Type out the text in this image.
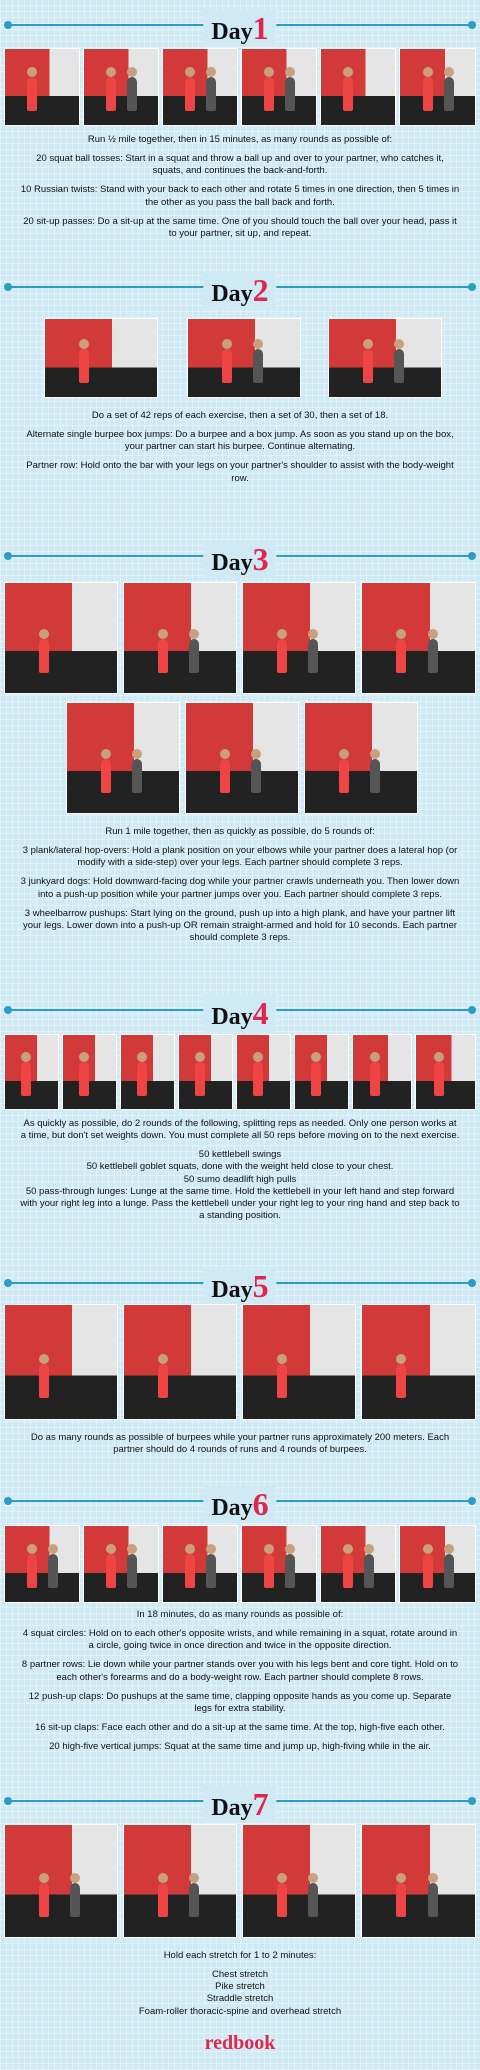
Day1

Run ½ mile together, then in 15 minutes, as many rounds as possible of:

20 squat ball tosses: Start in a squat and throw a ball up and over to your partner, who catches it, squats, and continues the back-and-forth.

10 Russian twists: Stand with your back to each other and rotate 5 times in one direction, then 5 times in the other as you pass the ball back and forth.

20 sit-up passes: Do a sit-up at the same time. One of you should touch the ball over your head, pass it to your partner, sit up, and repeat.

Day2

Do a set of 42 reps of each exercise, then a set of 30, then a set of 18.

Alternate single burpee box jumps: Do a burpee and a box jump. As soon as you stand up on the box, your partner can start his burpee. Continue alternating.

Partner row: Hold onto the bar with your legs on your partner's shoulder to assist with the body-weight row.

Day3

Run 1 mile together, then as quickly as possible, do 5 rounds of:

3 plank/lateral hop-overs: Hold a plank position on your elbows while your partner does a lateral hop (or modify with a side-step) over your legs. Each partner should complete 3 reps.

3 junkyard dogs: Hold downward-facing dog while your partner crawls underneath you. Then lower down into a push-up position while your partner jumps over you. Each partner should complete 3 reps.

3 wheelbarrow pushups: Start lying on the ground, push up into a high plank, and have your partner lift your legs. Lower down into a push-up OR remain straight-armed and hold for 10 seconds. Each partner should complete 3 reps.

Day4

As quickly as possible, do 2 rounds of the following, splitting reps as needed. Only one person works at a time, but don't set weights down. You must complete all 50 reps before moving on to the next exercise.

50 kettlebell swings

50 kettlebell goblet squats, done with the weight held close to your chest.

50 sumo deadlift high pulls

50 pass-through lunges: Lunge at the same time. Hold the kettlebell in your left hand and step forward with your right leg into a lunge. Pass the kettlebell under your right leg to your ring hand and step back to a standing position.

Day5

Do as many rounds as possible of burpees while your partner runs approximately 200 meters. Each partner should do 4 rounds of runs and 4 rounds of burpees.

Day6

In 18 minutes, do as many rounds as possible of:

4 squat circles: Hold on to each other's opposite wrists, and while remaining in a squat, rotate around in a circle, going twice in once direction and twice in the opposite direction.

8 partner rows: Lie down while your partner stands over you with his legs bent and core tight. Hold on to each other's forearms and do a body-weight row. Each partner should complete 8 rows.

12 push-up claps: Do pushups at the same time, clapping opposite hands as you come up. Separate legs for extra stability.

16 sit-up claps: Face each other and do a sit-up at the same time. At the top, high-five each other.

20 high-five vertical jumps: Squat at the same time and jump up, high-fiving while in the air.

Day7

Hold each stretch for 1 to 2 minutes:

Chest stretch

Pike stretch

Straddle stretch

Foam-roller thoracic-spine and overhead stretch

redbook
